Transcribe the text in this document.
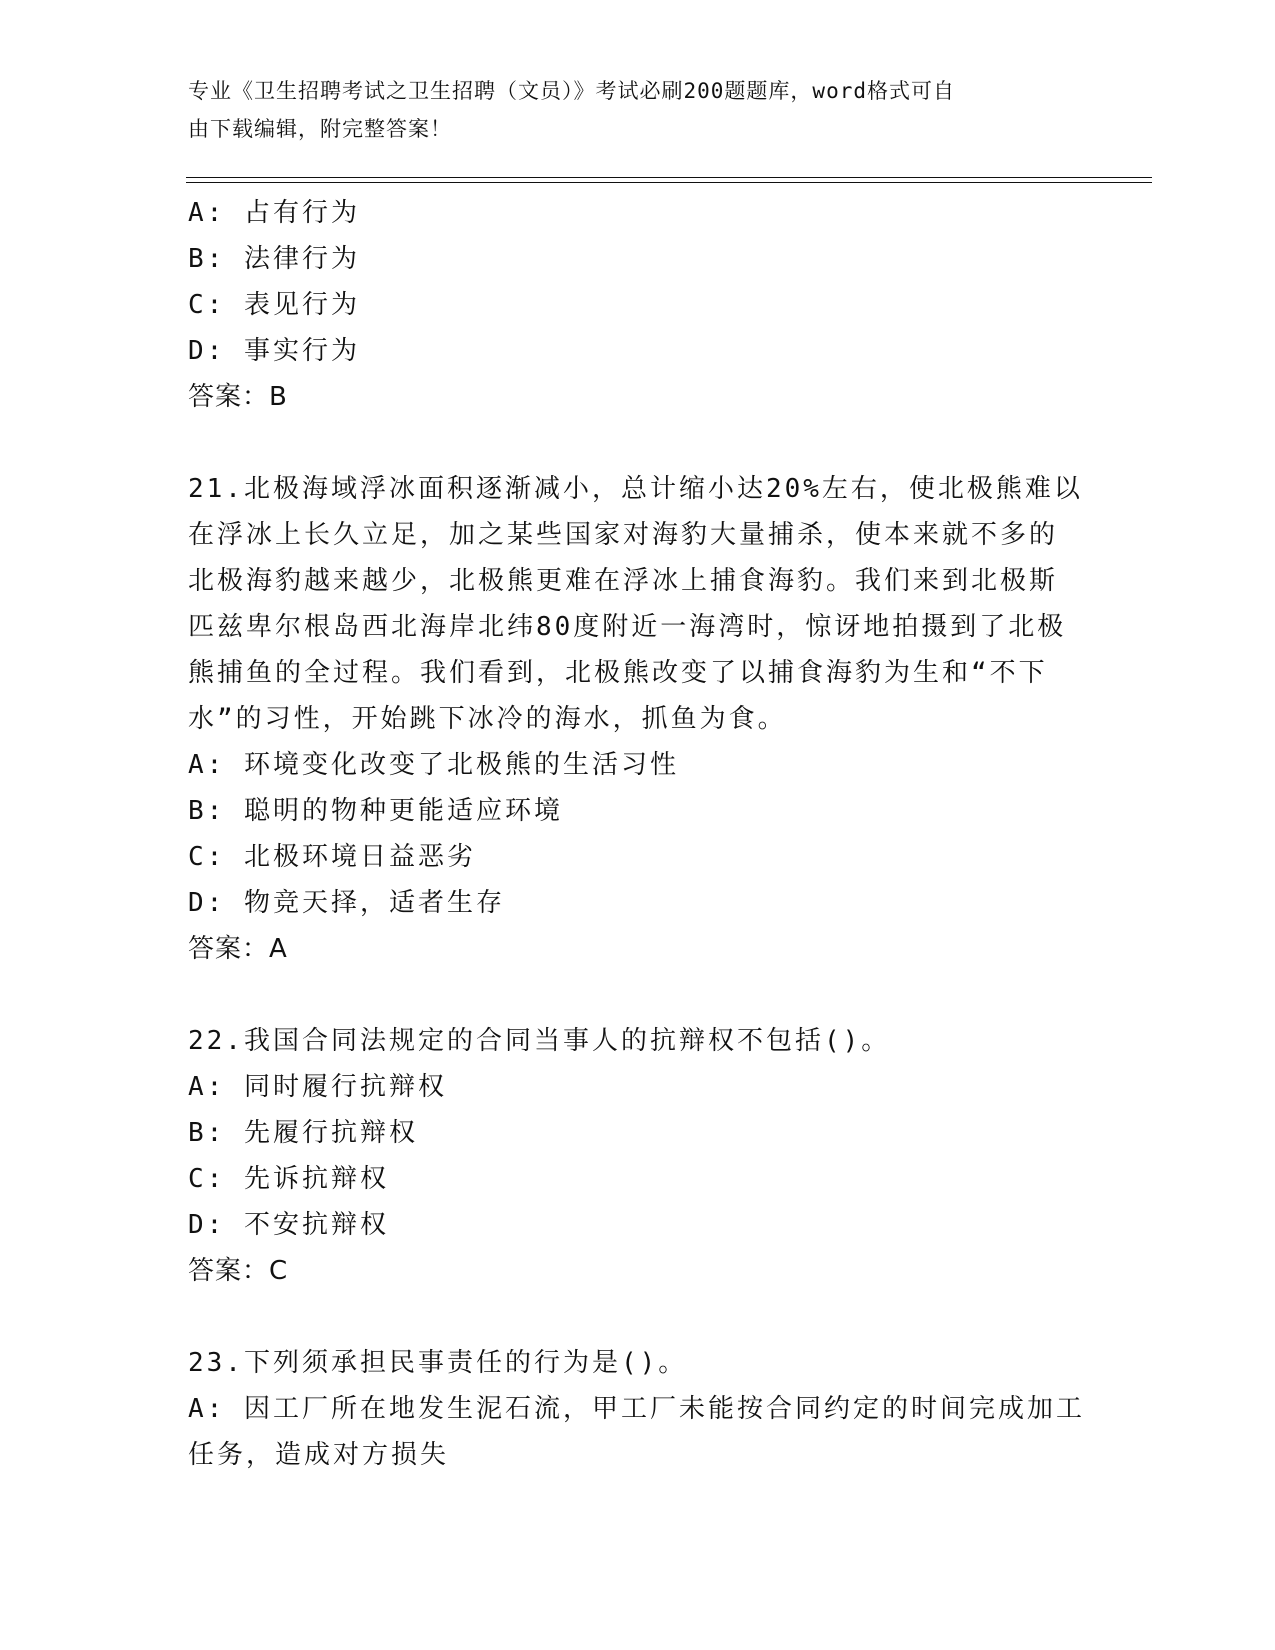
专业《卫生招聘考试之卫生招聘（文员）》考试必刷200题题库，word格式可自
由下载编辑，附完整答案！
A: 占有行为
B: 法律行为
C: 表见行为
D: 事实行为
答案：B
21.北极海域浮冰面积逐渐减小，总计缩小达20%左右，使北极熊难以
在浮冰上长久立足，加之某些国家对海豹大量捕杀，使本来就不多的
北极海豹越来越少，北极熊更难在浮冰上捕食海豹。我们来到北极斯
匹兹卑尔根岛西北海岸北纬80度附近一海湾时，惊讶地拍摄到了北极
熊捕鱼的全过程。我们看到，北极熊改变了以捕食海豹为生和“不下
水”的习性，开始跳下冰冷的海水，抓鱼为食。
A: 环境变化改变了北极熊的生活习性
B: 聪明的物种更能适应环境
C: 北极环境日益恶劣
D: 物竞天择，适者生存
答案：A
22.我国合同法规定的合同当事人的抗辩权不包括()。
A: 同时履行抗辩权
B: 先履行抗辩权
C: 先诉抗辩权
D: 不安抗辩权
答案：C
23.下列须承担民事责任的行为是()。
A: 因工厂所在地发生泥石流，甲工厂未能按合同约定的时间完成加工
任务，造成对方损失
